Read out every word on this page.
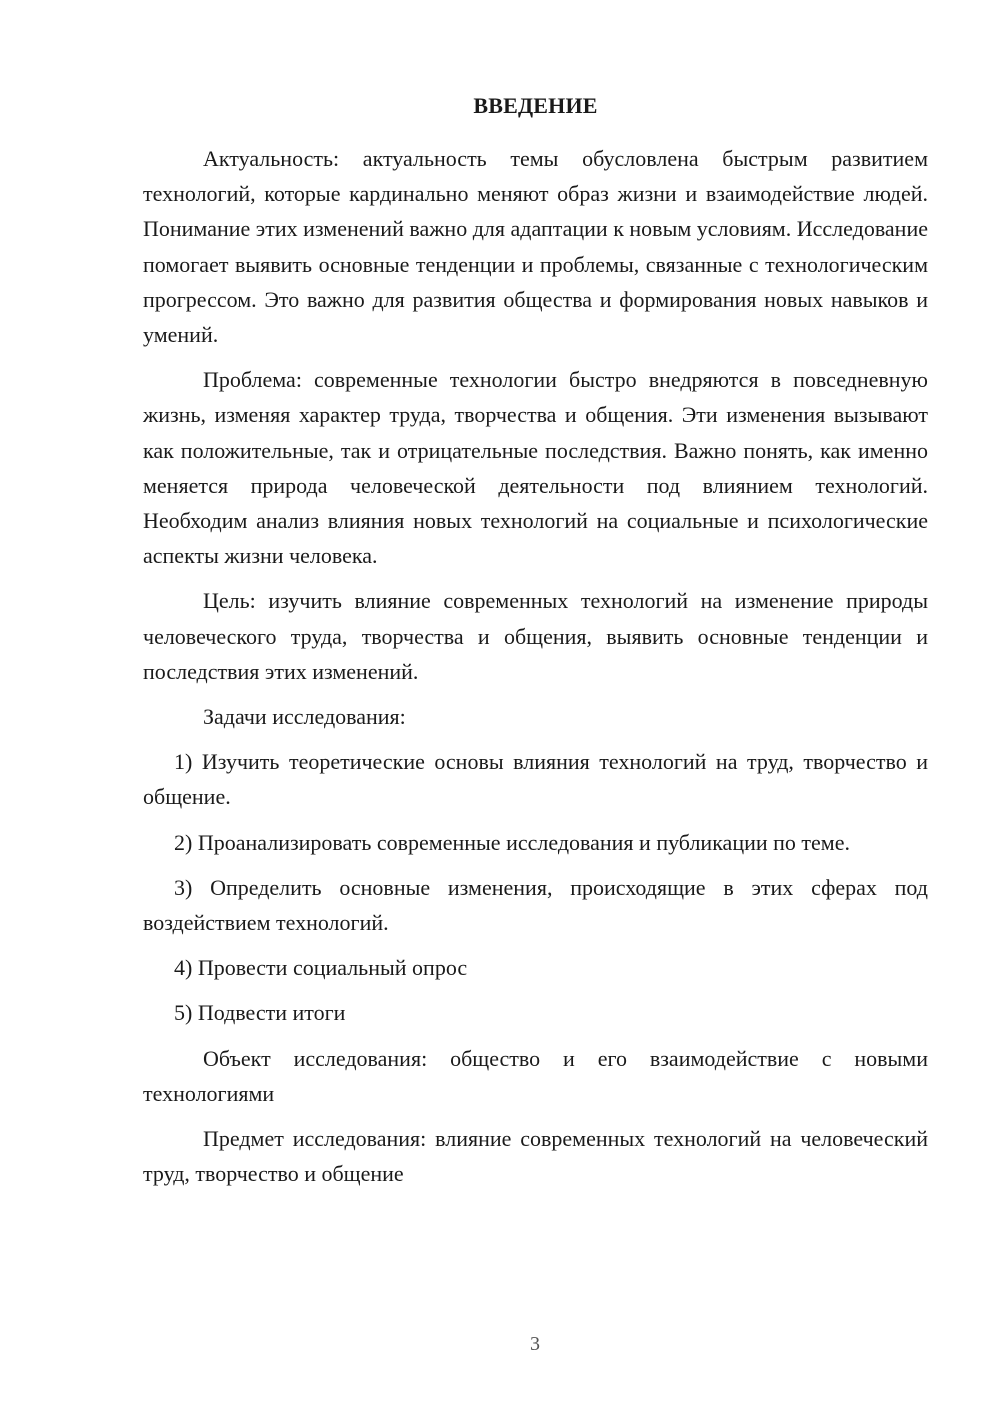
ВВЕДЕНИЕ

Актуальность: актуальность темы обусловлена быстрым развитием технологий, которые кардинально меняют образ жизни и взаимодействие людей. Понимание этих изменений важно для адаптации к новым условиям. Исследование помогает выявить основные тенденции и проблемы, связанные с технологическим прогрессом. Это важно для развития общества и формирования новых навыков и умений.

Проблема: современные технологии быстро внедряются в повседневную жизнь, изменяя характер труда, творчества и общения. Эти изменения вызывают как положительные, так и отрицательные последствия. Важно понять, как именно меняется природа человеческой деятельности под влиянием технологий. Необходим анализ влияния новых технологий на социальные и психологические аспекты жизни человека.

Цель: изучить влияние современных технологий на изменение природы человеческого труда, творчества и общения, выявить основные тенденции и последствия этих изменений.

Задачи исследования:

1) Изучить теоретические основы влияния технологий на труд, творчество и общение.

2) Проанализировать современные исследования и публикации по теме.

3) Определить основные изменения, происходящие в этих сферах под воздействием технологий.

4) Провести социальный опрос

5) Подвести итоги

Объект исследования: общество и его взаимодействие с новыми технологиями

Предмет исследования: влияние современных технологий на человеческий труд, творчество и общение

3
